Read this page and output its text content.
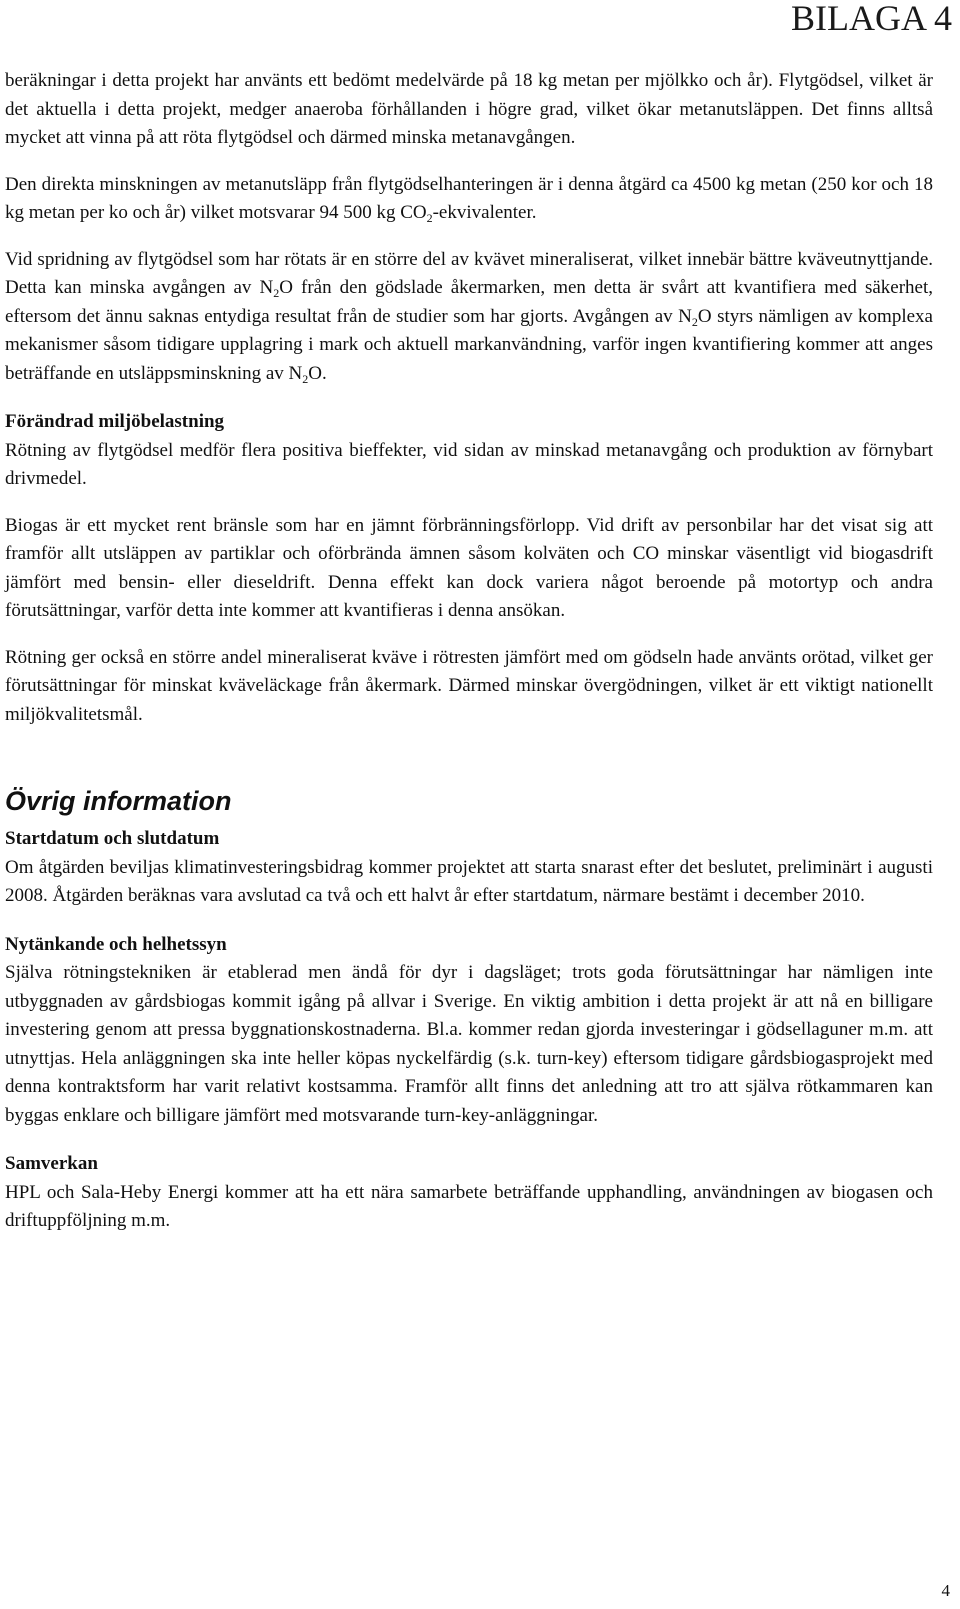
BILAGA 4

beräkningar i detta projekt har använts ett bedömt medelvärde på 18 kg metan per mjölkko och år). Flytgödsel, vilket är det aktuella i detta projekt, medger anaeroba förhållanden i högre grad, vilket ökar metanutsläppen. Det finns alltså mycket att vinna på att röta flytgödsel och därmed minska metanavgången.

Den direkta minskningen av metanutsläpp från flytgödselhanteringen är i denna åtgärd ca 4500 kg metan (250 kor och 18 kg metan per ko och år) vilket motsvarar 94 500 kg $CO_2$-ekvivalenter.

Vid spridning av flytgödsel som har rötats är en större del av kvävet mineraliserat, vilket innebär bättre kväveutnyttjande. Detta kan minska avgången av $N_2O$ från den gödslade åkermarken, men detta är svårt att kvantifiera med säkerhet, eftersom det ännu saknas entydiga resultat från de studier som har gjorts. Avgången av $N_2O$ styrs nämligen av komplexa mekanismer såsom tidigare upplagring i mark och aktuell markanvändning, varför ingen kvantifiering kommer att anges beträffande en utsläppsminskning av $N_2O$.

Förändrad miljöbelastning

Rötning av flytgödsel medför flera positiva bieffekter, vid sidan av minskad metanavgång och produktion av förnybart drivmedel.

Biogas är ett mycket rent bränsle som har en jämnt förbränningsförlopp. Vid drift av personbilar har det visat sig att framför allt utsläppen av partiklar och oförbrända ämnen såsom kolväten och CO minskar väsentligt vid biogasdrift jämfört med bensin- eller dieseldrift. Denna effekt kan dock variera något beroende på motortyp och andra förutsättningar, varför detta inte kommer att kvantifieras i denna ansökan.

Rötning ger också en större andel mineraliserat kväve i rötresten jämfört med om gödseln hade använts orötad, vilket ger förutsättningar för minskat kväveläckage från åkermark. Därmed minskar övergödningen, vilket är ett viktigt nationellt miljökvalitetsmål.

Övrig information

Startdatum och slutdatum

Om åtgärden beviljas klimatinvesteringsbidrag kommer projektet att starta snarast efter det beslutet, preliminärt i augusti 2008. Åtgärden beräknas vara avslutad ca två och ett halvt år efter startdatum, närmare bestämt i december 2010.

Nytänkande och helhetssyn

Själva rötningstekniken är etablerad men ändå för dyr i dagsläget; trots goda förutsättningar har nämligen inte utbyggnaden av gårdsbiogas kommit igång på allvar i Sverige. En viktig ambition i detta projekt är att nå en billigare investering genom att pressa byggnationskostnaderna. Bl.a. kommer redan gjorda investeringar i gödsellaguner m.m. att utnyttjas. Hela anläggningen ska inte heller köpas nyckelfärdig (s.k. turn-key) eftersom tidigare gårdsbiogasprojekt med denna kontraktsform har varit relativt kostsamma. Framför allt finns det anledning att tro att själva rötkammaren kan byggas enklare och billigare jämfört med motsvarande turn-key-anläggningar.

Samverkan

HPL och Sala-Heby Energi kommer att ha ett nära samarbete beträffande upphandling, användningen av biogasen och driftuppföljning m.m.

4
